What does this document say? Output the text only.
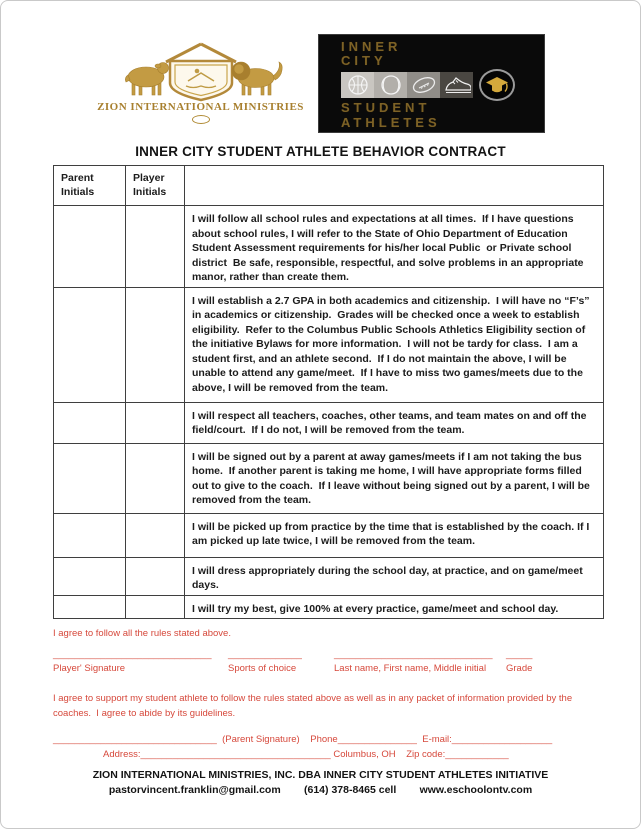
ZION INTERNATIONAL MINISTRIES
INNER
CITY
STUDENT
ATHLETES
INNER CITY STUDENT ATHLETE BEHAVIOR CONTRACT
Parent Initials	Player Initials	
		I will follow all school rules and expectations at all times.  If I have questions about school rules, I will refer to the State of Ohio Department of Education Student Assessment requirements for his/her local Public  or Private school district  Be safe, responsible, respectful, and solve problems in an appropriate manor, rather than create them.
		I will establish a 2.7 GPA in both academics and citizenship.  I will have no “F’s” in academics or citizenship.  Grades will be checked once a week to establish eligibility.  Refer to the Columbus Public Schools Athletics Eligibility section of the initiative Bylaws for more information.  I will not be tardy for class.  I am a student first, and an athlete second.  If I do not maintain the above, I will be unable to attend any game/meet.  If I have to miss two games/meets due to the above, I will be removed from the team.
		I will respect all teachers, coaches, other teams, and team mates on and off the field/court.  If I do not, I will be removed from the team.
		I will be signed out by a parent at away games/meets if I am not taking the bus home.  If another parent is taking me home, I will have appropriate forms filled out to give to the coach.  If I leave without being signed out by a parent, I will be removed from the team.
		I will be picked up from practice by the time that is established by the coach. If I am picked up late twice, I will be removed from the team.
		I will dress appropriately during the school day, at practice, and on game/meet days.
		I will try my best, give 100% at every practice, game/meet and school day.
I agree to follow all the rules stated above.
______________________________
Player' Signature
______________
Sports of choice
______________________________
Last name, First name, Middle initial
_____
Grade
I agree to support my student athlete to follow the rules stated above as well as in any packet of information provided by the coaches.  I agree to abide by its guidelines.
_______________________________  (Parent Signature)    Phone_______________  E-mail:___________________
Address:____________________________________ Columbus, OH    Zip code:____________
ZION INTERNATIONAL MINISTRIES, INC. DBA INNER CITY STUDENT ATHLETES INITIATIVE
pastorvincent.franklin@gmail.com        (614) 378-8465 cell        www.eschoolontv.com
